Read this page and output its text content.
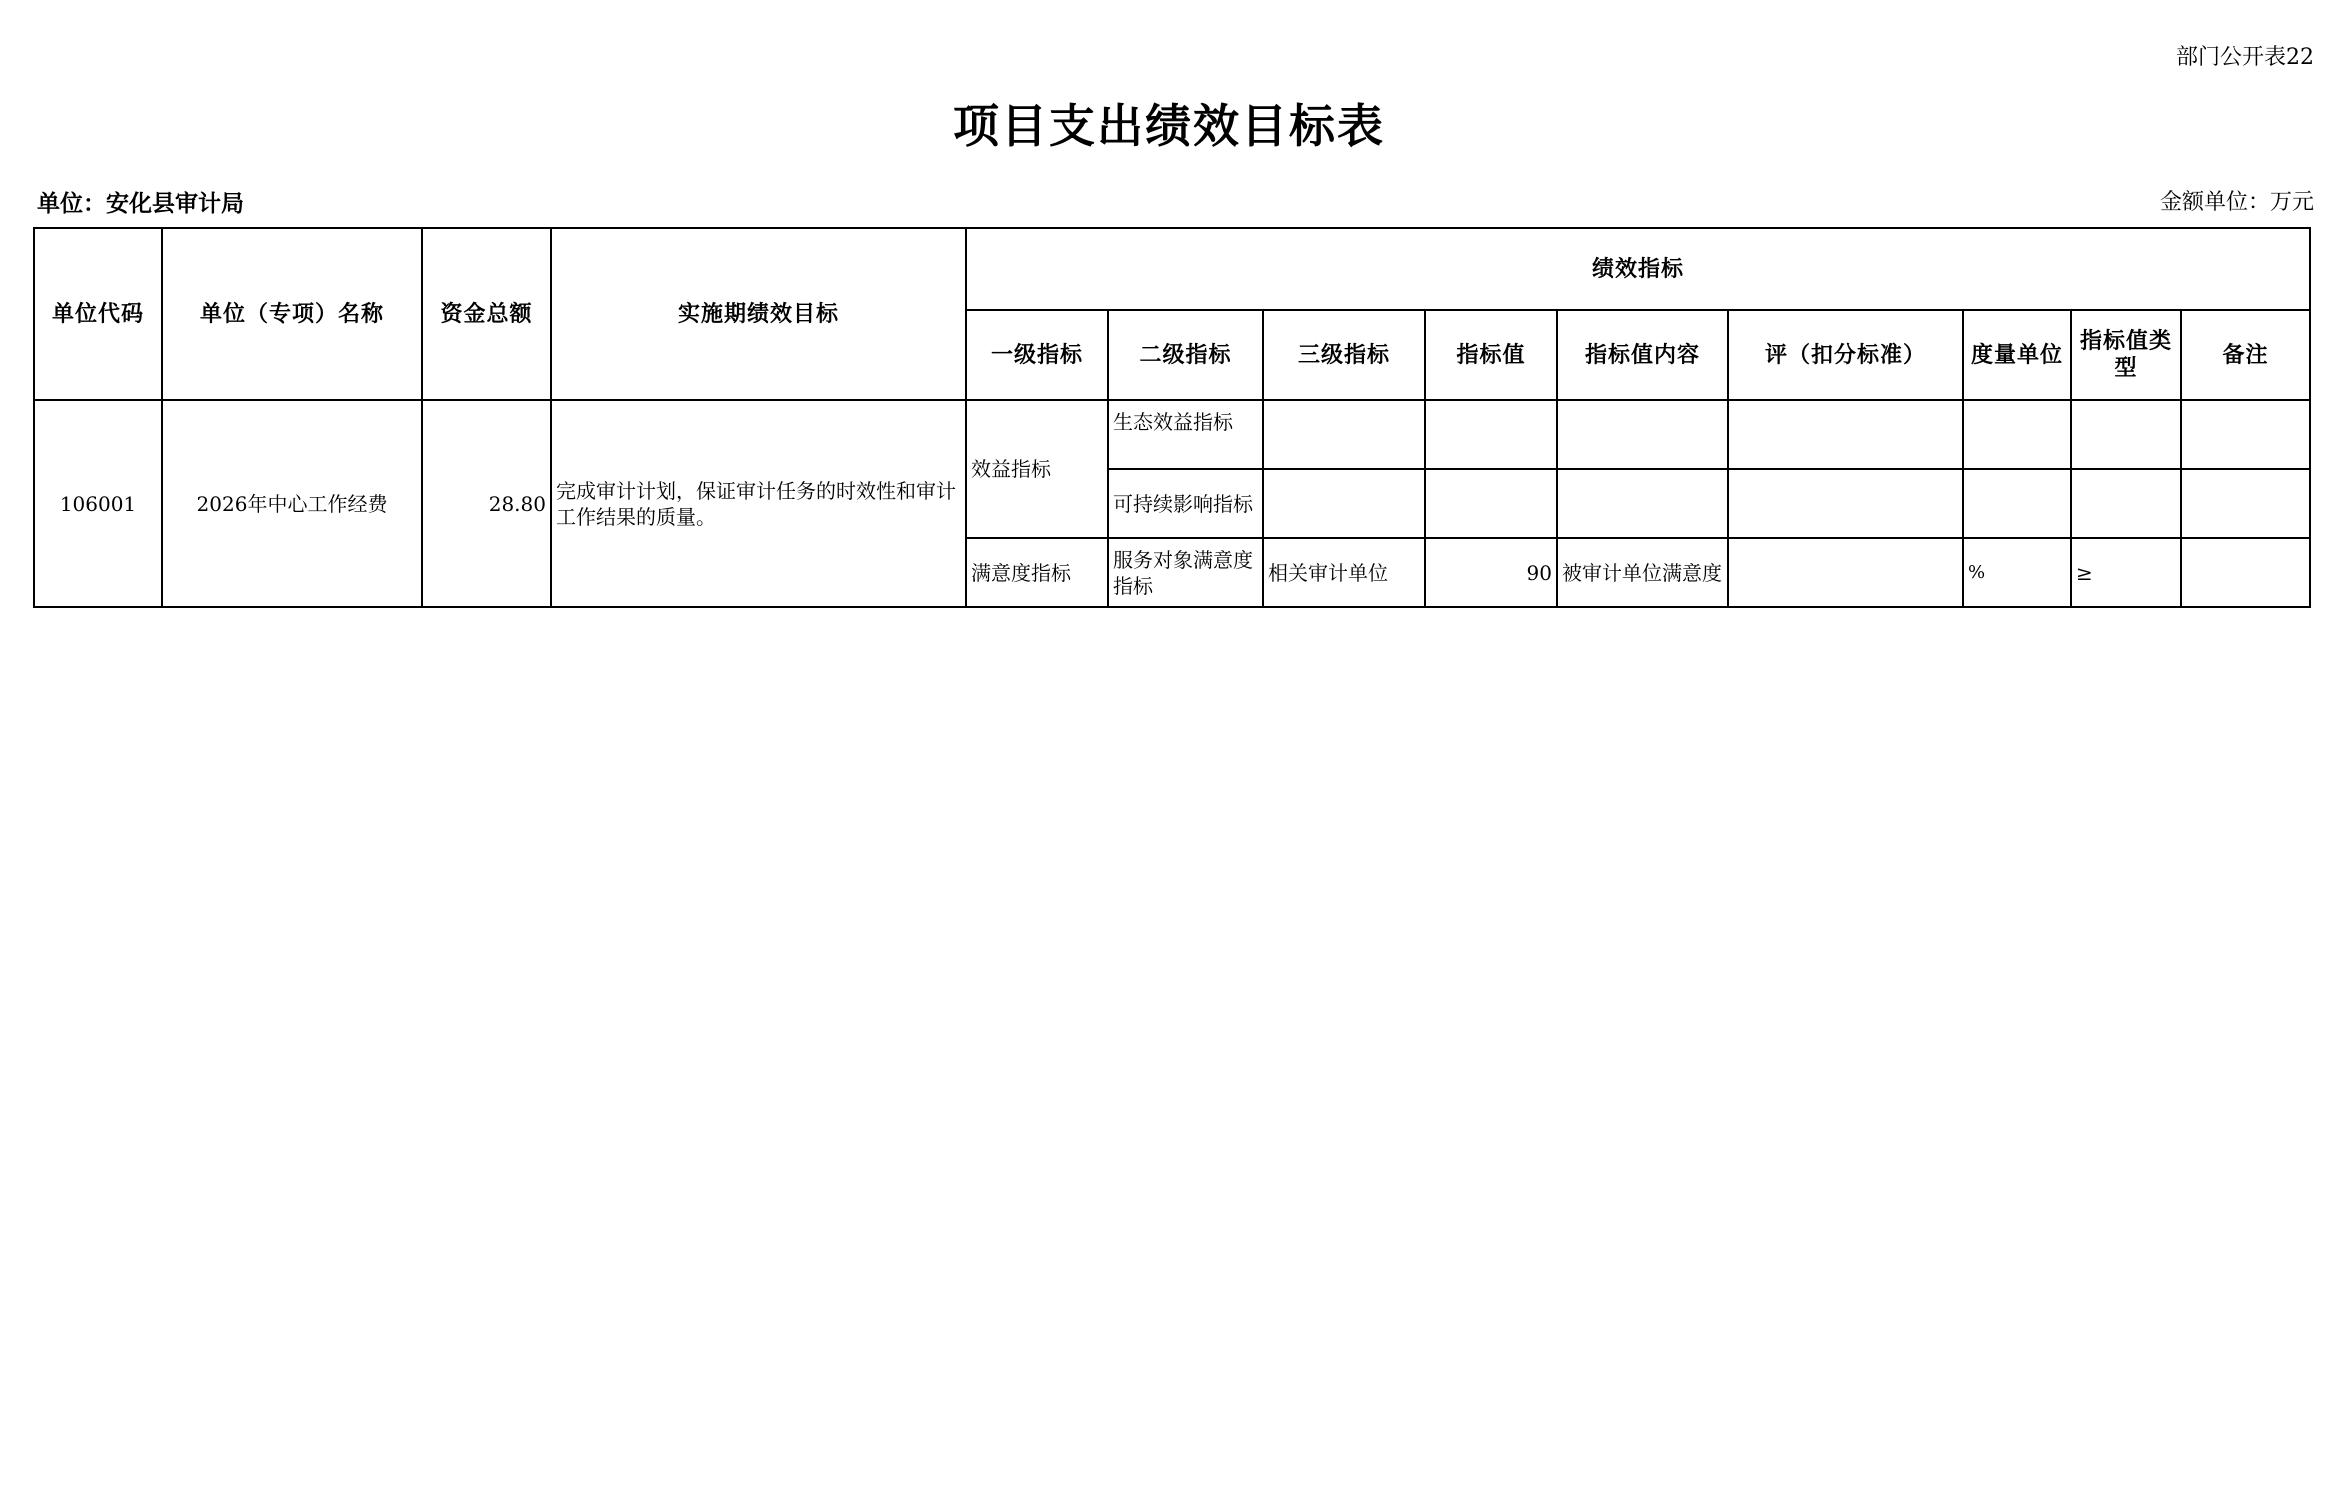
部门公开表22
项目支出绩效目标表
单位：安化县审计局	金额单位：万元
单位代码	单位（专项）名称	资金总额	实施期绩效目标	绩效指标								
				一级指标	二级指标	三级指标	指标值	指标值内容	评（扣分标准）	度量单位	指标值类型	备注
106001	2026年中心工作经费	28.80	完成审计计划，保证审计任务的时效性和审计工作结果的质量。	效益指标	生态效益指标							
					可持续影响指标							
				满意度指标	服务对象满意度指标	相关审计单位	90	被审计单位满意度		%	≥	
